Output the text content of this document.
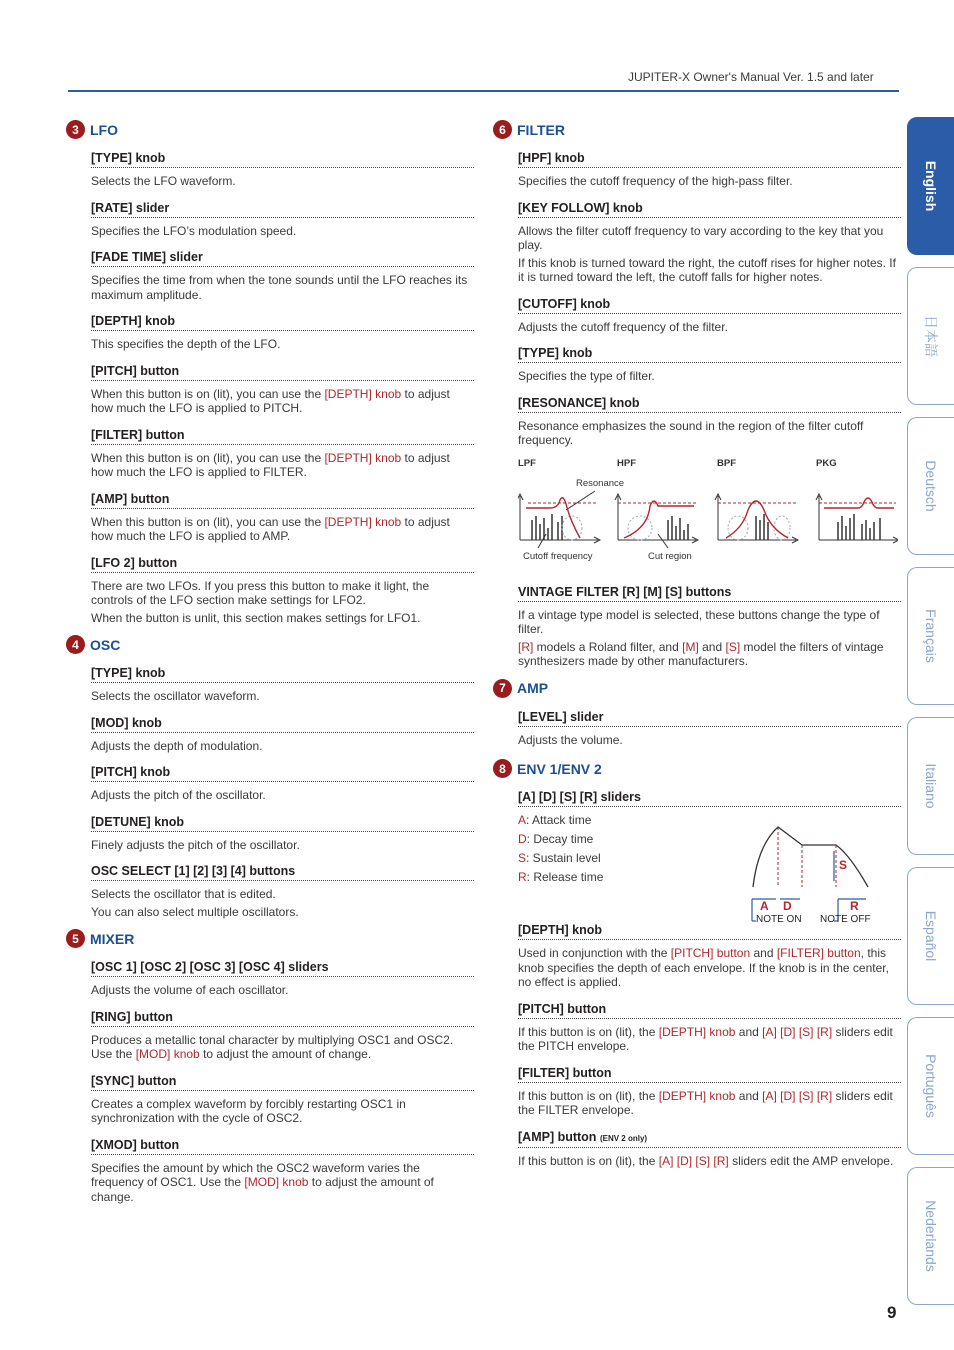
JUPITER-X Owner's Manual Ver. 1.5 and later
3 LFO
[TYPE] knob
Selects the LFO waveform.
[RATE] slider
Specifies the LFO’s modulation speed.
[FADE TIME] slider
Specifies the time from when the tone sounds until the LFO reaches its maximum amplitude.
[DEPTH] knob
This specifies the depth of the LFO.
[PITCH] button
When this button is on (lit), you can use the [DEPTH] knob to adjust how much the LFO is applied to PITCH.
[FILTER] button
When this button is on (lit), you can use the [DEPTH] knob to adjust how much the LFO is applied to FILTER.
[AMP] button
When this button is on (lit), you can use the [DEPTH] knob to adjust how much the LFO is applied to AMP.
[LFO 2] button

There are two LFOs. If you press this button to make it light, the controls of the LFO section make settings for LFO2.

When the button is unlit, this section makes settings for LFO1.

4 OSC
[TYPE] knob
Selects the oscillator waveform.
[MOD] knob
Adjusts the depth of modulation.
[PITCH] knob
Adjusts the pitch of the oscillator.
[DETUNE] knob
Finely adjusts the pitch of the oscillator.
OSC SELECT [1] [2] [3] [4] buttons

Selects the oscillator that is edited.

You can also select multiple oscillators.

5 MIXER
[OSC 1] [OSC 2] [OSC 3] [OSC 4] sliders
Adjusts the volume of each oscillator.
[RING] button
Produces a metallic tonal character by multiplying OSC1 and OSC2. Use the [MOD] knob to adjust the amount of change.
[SYNC] button
Creates a complex waveform by forcibly restarting OSC1 in synchronization with the cycle of OSC2.
[XMOD] button
Specifies the amount by which the OSC2 waveform varies the frequency of OSC1. Use the [MOD] knob to adjust the amount of change.
6 FILTER
[HPF] knob
Specifies the cutoff frequency of the high-pass filter.
[KEY FOLLOW] knob

Allows the filter cutoff frequency to vary according to the key that you play.

If this knob is turned toward the right, the cutoff rises for higher notes. If it is turned toward the left, the cutoff falls for higher notes.

[CUTOFF] knob
Adjusts the cutoff frequency of the filter.
[TYPE] knob
Specifies the type of filter.
[RESONANCE] knob
Resonance emphasizes the sound in the region of the filter cutoff frequency.
LPF	HPF	BPF	PKG
Resonance
Cutoff frequency	Cut region
VINTAGE FILTER [R] [M] [S] buttons

If a vintage type model is selected, these buttons change the type of filter.

[R] models a Roland filter, and [M] and [S] model the filters of vintage synthesizers made by other manufacturers.

7 AMP
[LEVEL] slider
Adjusts the volume.
8 ENV 1/ENV 2
[A] [D] [S] [R] sliders
A: Attack time
D: Decay time
S: Sustain level
R: Release time
A D
S
R
NOTE ON NOTE OFF
[DEPTH] knob
Used in conjunction with the [PITCH] button and [FILTER] button, this knob specifies the depth of each envelope. If the knob is in the center, no effect is applied.
[PITCH] button
If this button is on (lit), the [DEPTH] knob and [A] [D] [S] [R] sliders edit the PITCH envelope.
[FILTER] button
If this button is on (lit), the [DEPTH] knob and [A] [D] [S] [R] sliders edit the FILTER envelope.
[AMP] button (ENV 2 only)
If this button is on (lit), the [A] [D] [S] [R] sliders edit the AMP envelope.
English
日本語
Deutsch
Français
Italiano
Español
Português
Nederlands
9
